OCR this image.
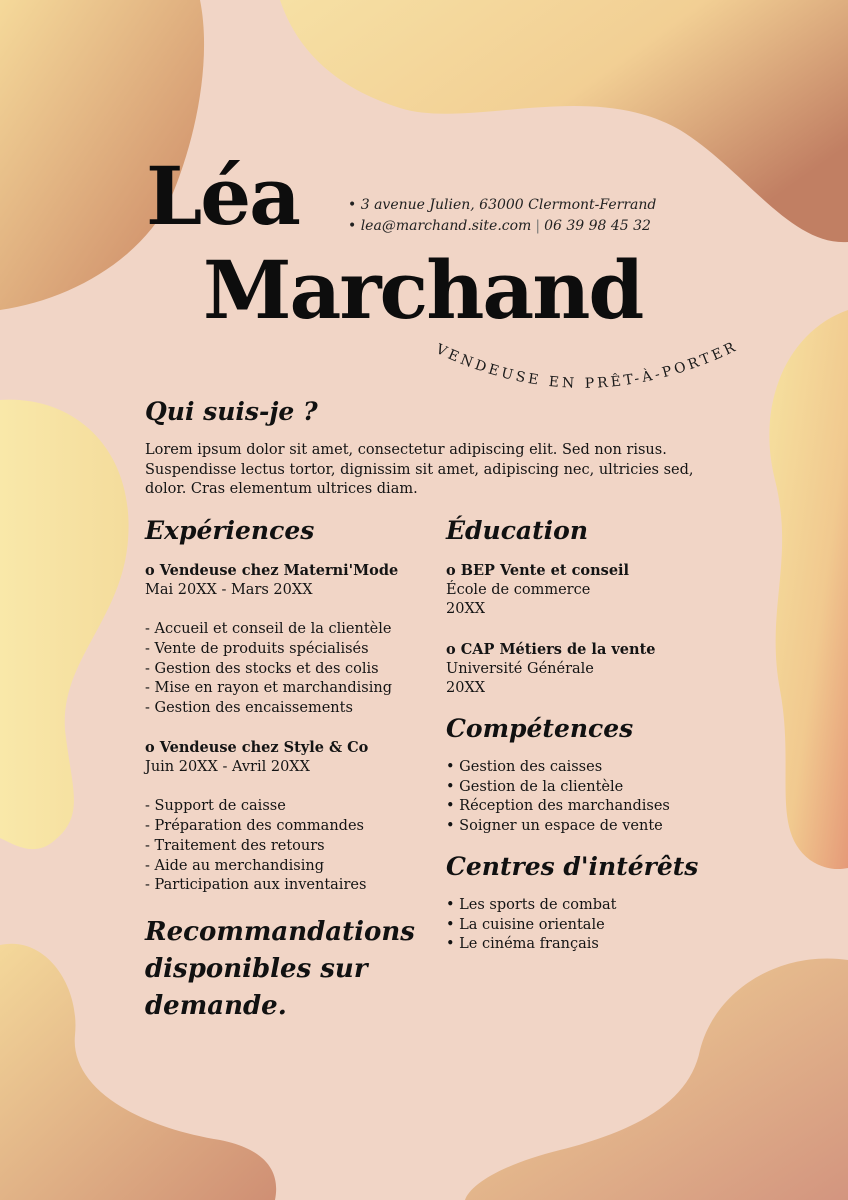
Léa
Marchand
• 3 avenue Julien, 63000 Clermont-Ferrand
• lea@marchand.site.com | 06 39 98 45 32
VENDEUSE EN PRÊT-À-PORTER
Qui suis-je ?
Lorem ipsum dolor sit amet, consectetur adipiscing elit. Sed non risus. Suspendisse lectus tortor, dignissim sit amet, adipiscing nec, ultricies sed, dolor. Cras elementum ultrices diam.
Expériences
o Vendeuse chez Materni'Mode
Mai 20XX - Mars 20XX
- Accueil et conseil de la clientèle
- Vente de produits spécialisés
- Gestion des stocks et des colis
- Mise en rayon et marchandising
- Gestion des encaissements
o Vendeuse chez Style & Co
Juin 20XX - Avril 20XX
- Support de caisse
- Préparation des commandes
- Traitement des retours
- Aide au merchandising
- Participation aux inventaires
Recommandations disponibles sur demande.
Éducation
o BEP Vente et conseil
École de commerce
20XX
o CAP Métiers de la vente
Université Générale
20XX
Compétences
• Gestion des caisses
• Gestion de la clientèle
• Réception des marchandises
• Soigner un espace de vente
Centres d'intérêts
• Les sports de combat
• La cuisine orientale
• Le cinéma français
